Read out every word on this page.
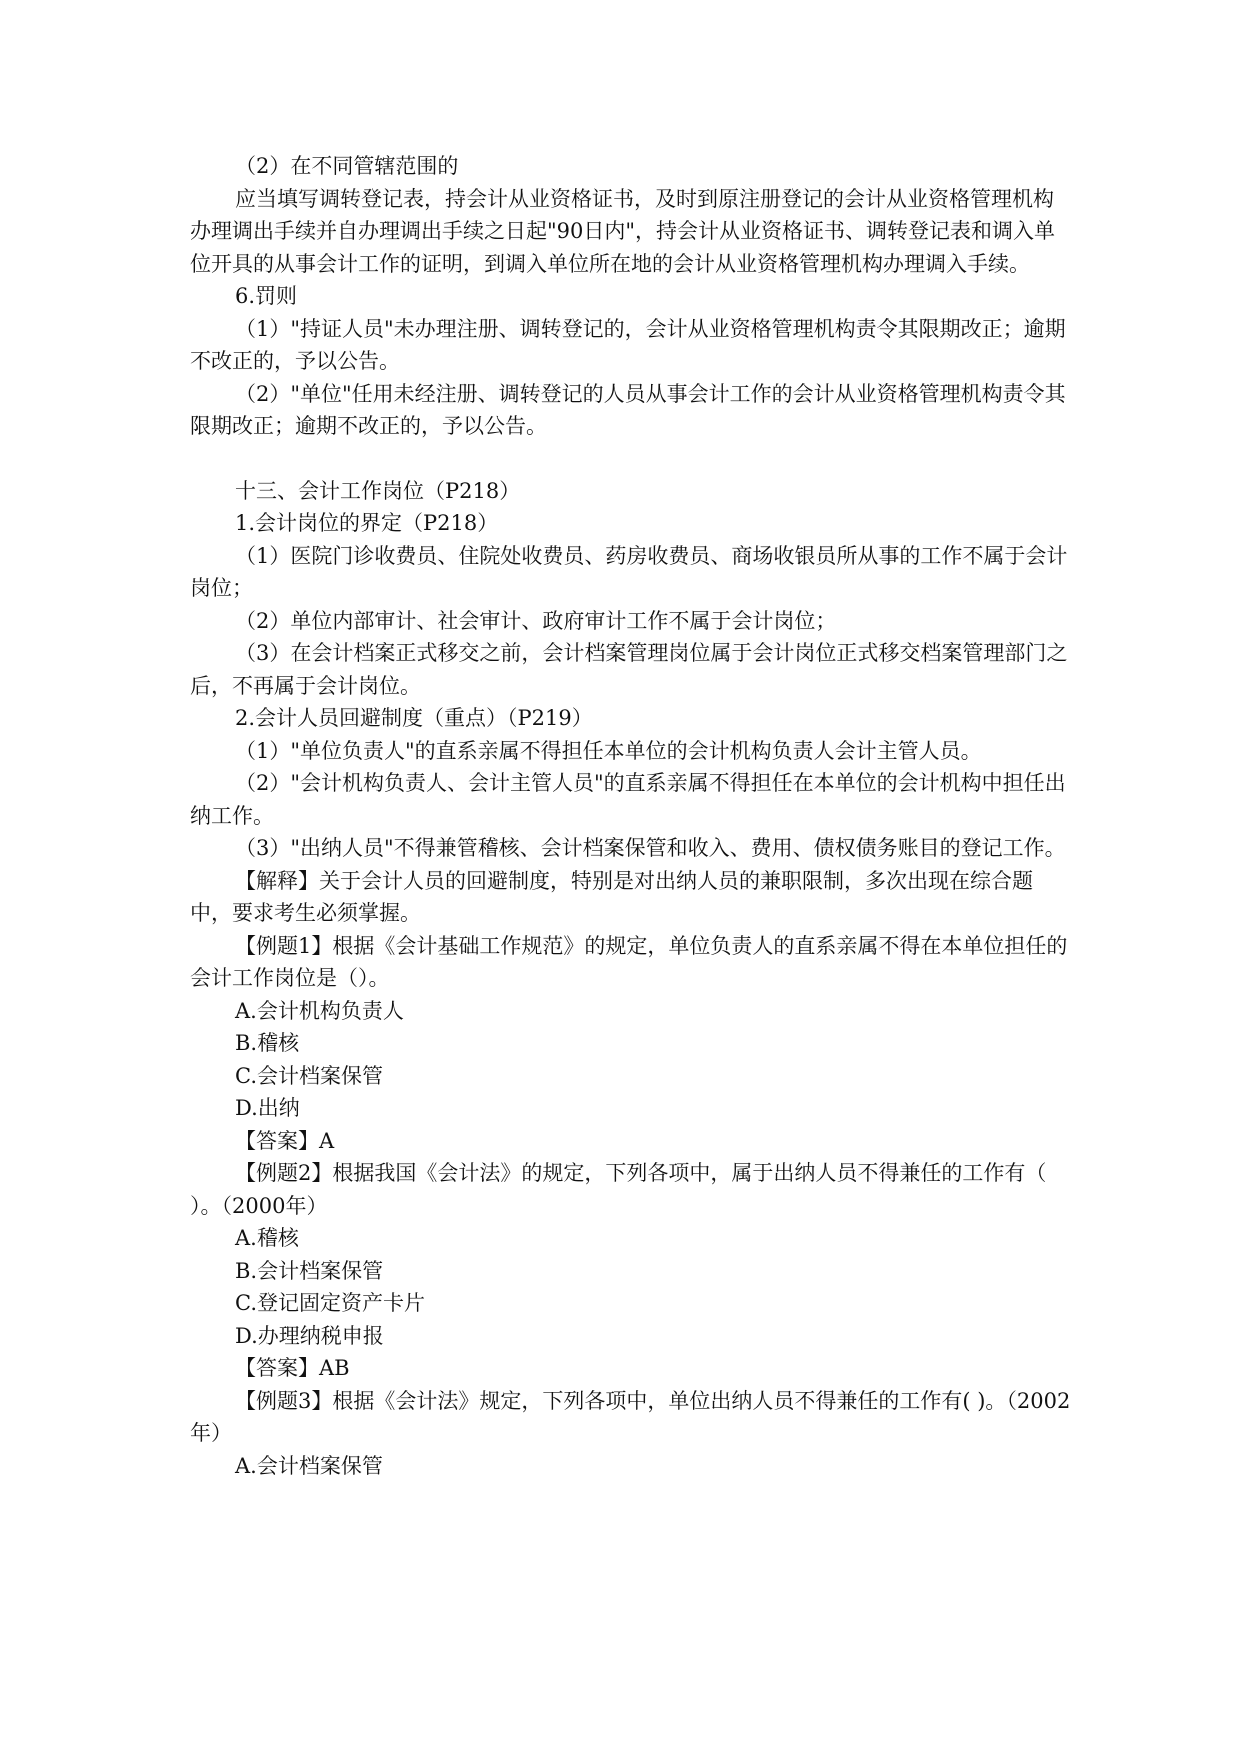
（2）在不同管辖范围的

应当填写调转登记表，持会计从业资格证书，及时到原注册登记的会计从业资格管理机构办理调出手续并自办理调出手续之日起"90日内"，持会计从业资格证书、调转登记表和调入单位开具的从事会计工作的证明，到调入单位所在地的会计从业资格管理机构办理调入手续。

6.罚则

（1）"持证人员"未办理注册、调转登记的，会计从业资格管理机构责令其限期改正；逾期不改正的，予以公告。

（2）"单位"任用未经注册、调转登记的人员从事会计工作的会计从业资格管理机构责令其限期改正；逾期不改正的，予以公告。

十三、会计工作岗位（P218）

1.会计岗位的界定（P218）

（1）医院门诊收费员、住院处收费员、药房收费员、商场收银员所从事的工作不属于会计岗位；

（2）单位内部审计、社会审计、政府审计工作不属于会计岗位；

（3）在会计档案正式移交之前，会计档案管理岗位属于会计岗位正式移交档案管理部门之后，不再属于会计岗位。

2.会计人员回避制度（重点）（P219）

（1）"单位负责人"的直系亲属不得担任本单位的会计机构负责人会计主管人员。

（2）"会计机构负责人、会计主管人员"的直系亲属不得担任在本单位的会计机构中担任出纳工作。

（3）"出纳人员"不得兼管稽核、会计档案保管和收入、费用、债权债务账目的登记工作。

【解释】关于会计人员的回避制度，特别是对出纳人员的兼职限制，多次出现在综合题中，要求考生必须掌握。

【例题1】根据《会计基础工作规范》的规定，单位负责人的直系亲属不得在本单位担任的会计工作岗位是（）。

A.会计机构负责人

B.稽核

C.会计档案保管

D.出纳

【答案】A

【例题2】根据我国《会计法》的规定，下列各项中，属于出纳人员不得兼任的工作有（ ）。（2000年）

A.稽核

B.会计档案保管

C.登记固定资产卡片

D.办理纳税申报

【答案】AB

【例题3】根据《会计法》规定，下列各项中，单位出纳人员不得兼任的工作有( )。（2002年）

A.会计档案保管
